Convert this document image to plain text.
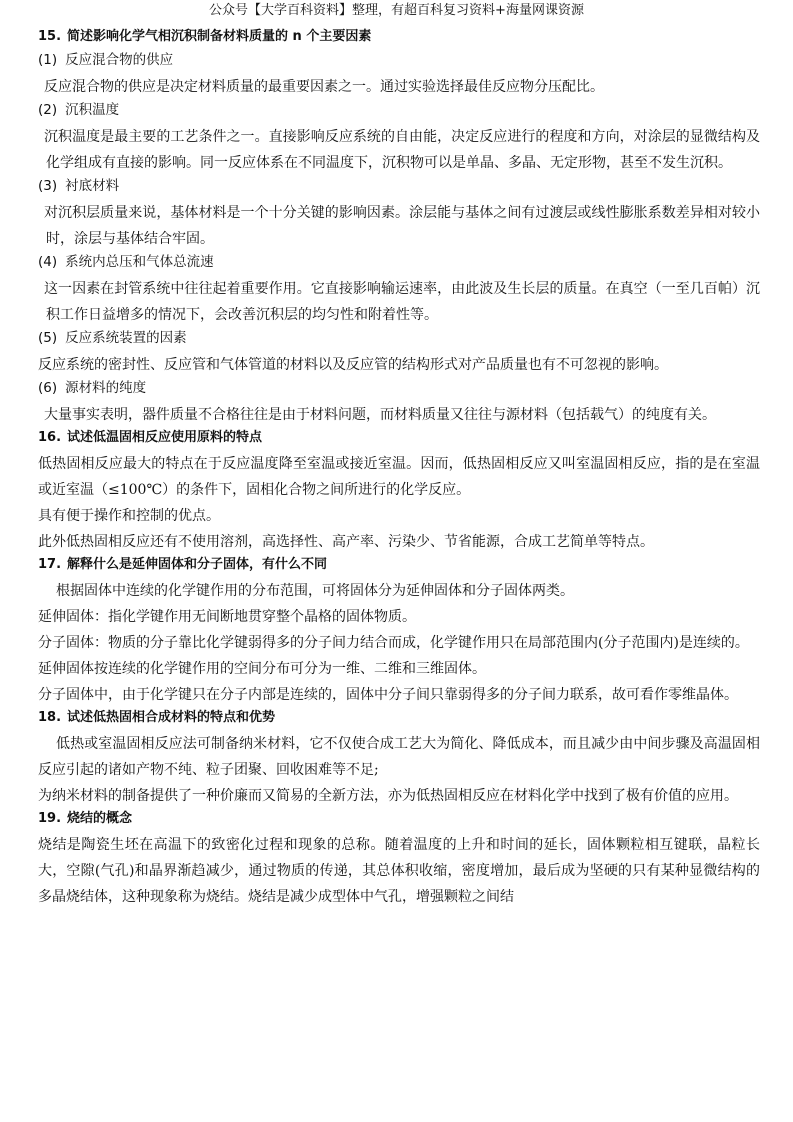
公众号【大学百科资料】整理，有超百科复习资料+海量网课资源
15. 简述影响化学气相沉积制备材料质量的 n 个主要因素
(1) 反应混合物的供应
反应混合物的供应是决定材料质量的最重要因素之一。通过实验选择最佳反应物分压配比。
(2) 沉积温度
沉积温度是最主要的工艺条件之一。直接影响反应系统的自由能，决定反应进行的程度和方向，对涂层的显微结构及化学组成有直接的影响。同一反应体系在不同温度下，沉积物可以是单晶、多晶、无定形物，甚至不发生沉积。
(3) 衬底材料
对沉积层质量来说，基体材料是一个十分关键的影响因素。涂层能与基体之间有过渡层或线性膨胀系数差异相对较小时，涂层与基体结合牢固。
(4) 系统内总压和气体总流速
这一因素在封管系统中往往起着重要作用。它直接影响输运速率，由此波及生长层的质量。在真空（一至几百帕）沉积工作日益增多的情况下，会改善沉积层的均匀性和附着性等。
(5) 反应系统装置的因素
反应系统的密封性、反应管和气体管道的材料以及反应管的结构形式对产品质量也有不可忽视的影响。
(6) 源材料的纯度
大量事实表明，器件质量不合格往往是由于材料问题，而材料质量又往往与源材料（包括载气）的纯度有关。
16. 试述低温固相反应使用原料的特点
低热固相反应最大的特点在于反应温度降至室温或接近室温。因而，低热固相反应又叫室温固相反应，指的是在室温或近室温（≤100℃）的条件下，固相化合物之间所进行的化学反应。
具有便于操作和控制的优点。
此外低热固相反应还有不使用溶剂，高选择性、高产率、污染少、节省能源，合成工艺简单等特点。
17. 解释什么是延伸固体和分子固体，有什么不同
根据固体中连续的化学键作用的分布范围，可将固体分为延伸固体和分子固体两类。
延伸固体：指化学键作用无间断地贯穿整个晶格的固体物质。
分子固体：物质的分子靠比化学键弱得多的分子间力结合而成，化学键作用只在局部范围内(分子范围内)是连续的。
延伸固体按连续的化学键作用的空间分布可分为一维、二维和三维固体。
分子固体中，由于化学键只在分子内部是连续的，固体中分子间只靠弱得多的分子间力联系，故可看作零维晶体。
18. 试述低热固相合成材料的特点和优势
低热或室温固相反应法可制备纳米材料，它不仅使合成工艺大为简化、降低成本，而且减少由中间步骤及高温固相反应引起的诸如产物不纯、粒子团聚、回收困难等不足;
为纳米材料的制备提供了一种价廉而又简易的全新方法，亦为低热固相反应在材料化学中找到了极有价值的应用。
19. 烧结的概念
烧结是陶瓷生坯在高温下的致密化过程和现象的总称。随着温度的上升和时间的延长，固体颗粒相互键联，晶粒长大，空隙(气孔)和晶界渐趋减少，通过物质的传递，其总体积收缩，密度增加，最后成为坚硬的只有某种显微结构的多晶烧结体，这种现象称为烧结。烧结是减少成型体中气孔，增强颗粒之间结
